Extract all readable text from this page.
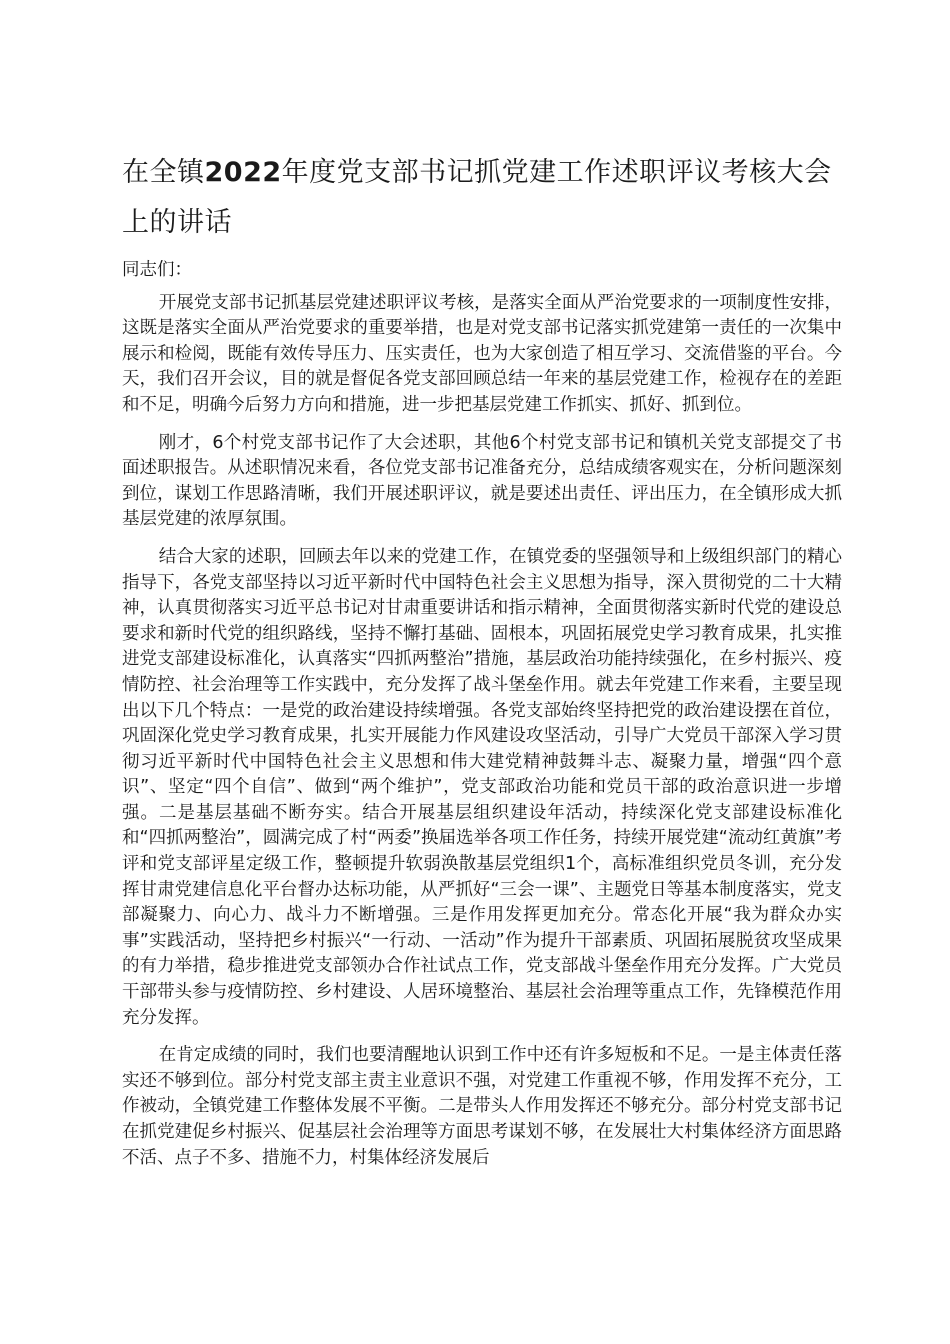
在全镇2022年度党支部书记抓党建工作述职评议考核大会上的讲话

同志们：

开展党支部书记抓基层党建述职评议考核，是落实全面从严治党要求的一项制度性安排，这既是落实全面从严治党要求的重要举措，也是对党支部书记落实抓党建第一责任的一次集中展示和检阅，既能有效传导压力、压实责任，也为大家创造了相互学习、交流借鉴的平台。今天，我们召开会议，目的就是督促各党支部回顾总结一年来的基层党建工作，检视存在的差距和不足，明确今后努力方向和措施，进一步把基层党建工作抓实、抓好、抓到位。

刚才，6个村党支部书记作了大会述职，其他6个村党支部书记和镇机关党支部提交了书面述职报告。从述职情况来看，各位党支部书记准备充分，总结成绩客观实在，分析问题深刻到位，谋划工作思路清晰，我们开展述职评议，就是要述出责任、评出压力，在全镇形成大抓基层党建的浓厚氛围。

结合大家的述职，回顾去年以来的党建工作，在镇党委的坚强领导和上级组织部门的精心指导下，各党支部坚持以习近平新时代中国特色社会主义思想为指导，深入贯彻党的二十大精神，认真贯彻落实习近平总书记对甘肃重要讲话和指示精神，全面贯彻落实新时代党的建设总要求和新时代党的组织路线，坚持不懈打基础、固根本，巩固拓展党史学习教育成果，扎实推进党支部建设标准化，认真落实“四抓两整治”措施，基层政治功能持续强化，在乡村振兴、疫情防控、社会治理等工作实践中，充分发挥了战斗堡垒作用。就去年党建工作来看，主要呈现出以下几个特点：一是党的政治建设持续增强。各党支部始终坚持把党的政治建设摆在首位，巩固深化党史学习教育成果，扎实开展能力作风建设攻坚活动，引导广大党员干部深入学习贯彻习近平新时代中国特色社会主义思想和伟大建党精神鼓舞斗志、凝聚力量，增强“四个意识”、坚定“四个自信”、做到“两个维护”，党支部政治功能和党员干部的政治意识进一步增强。二是基层基础不断夯实。结合开展基层组织建设年活动，持续深化党支部建设标准化和“四抓两整治”，圆满完成了村“两委”换届选举各项工作任务，持续开展党建“流动红黄旗”考评和党支部评星定级工作，整顿提升软弱涣散基层党组织1个，高标准组织党员冬训，充分发挥甘肃党建信息化平台督办达标功能，从严抓好“三会一课”、主题党日等基本制度落实，党支部凝聚力、向心力、战斗力不断增强。三是作用发挥更加充分。常态化开展“我为群众办实事”实践活动，坚持把乡村振兴“一行动、一活动”作为提升干部素质、巩固拓展脱贫攻坚成果的有力举措，稳步推进党支部领办合作社试点工作，党支部战斗堡垒作用充分发挥。广大党员干部带头参与疫情防控、乡村建设、人居环境整治、基层社会治理等重点工作，先锋模范作用充分发挥。

在肯定成绩的同时，我们也要清醒地认识到工作中还有许多短板和不足。一是主体责任落实还不够到位。部分村党支部主责主业意识不强，对党建工作重视不够，作用发挥不充分，工作被动，全镇党建工作整体发展不平衡。二是带头人作用发挥还不够充分。部分村党支部书记在抓党建促乡村振兴、促基层社会治理等方面思考谋划不够，在发展壮大村集体经济方面思路不活、点子不多、措施不力，村集体经济发展后
